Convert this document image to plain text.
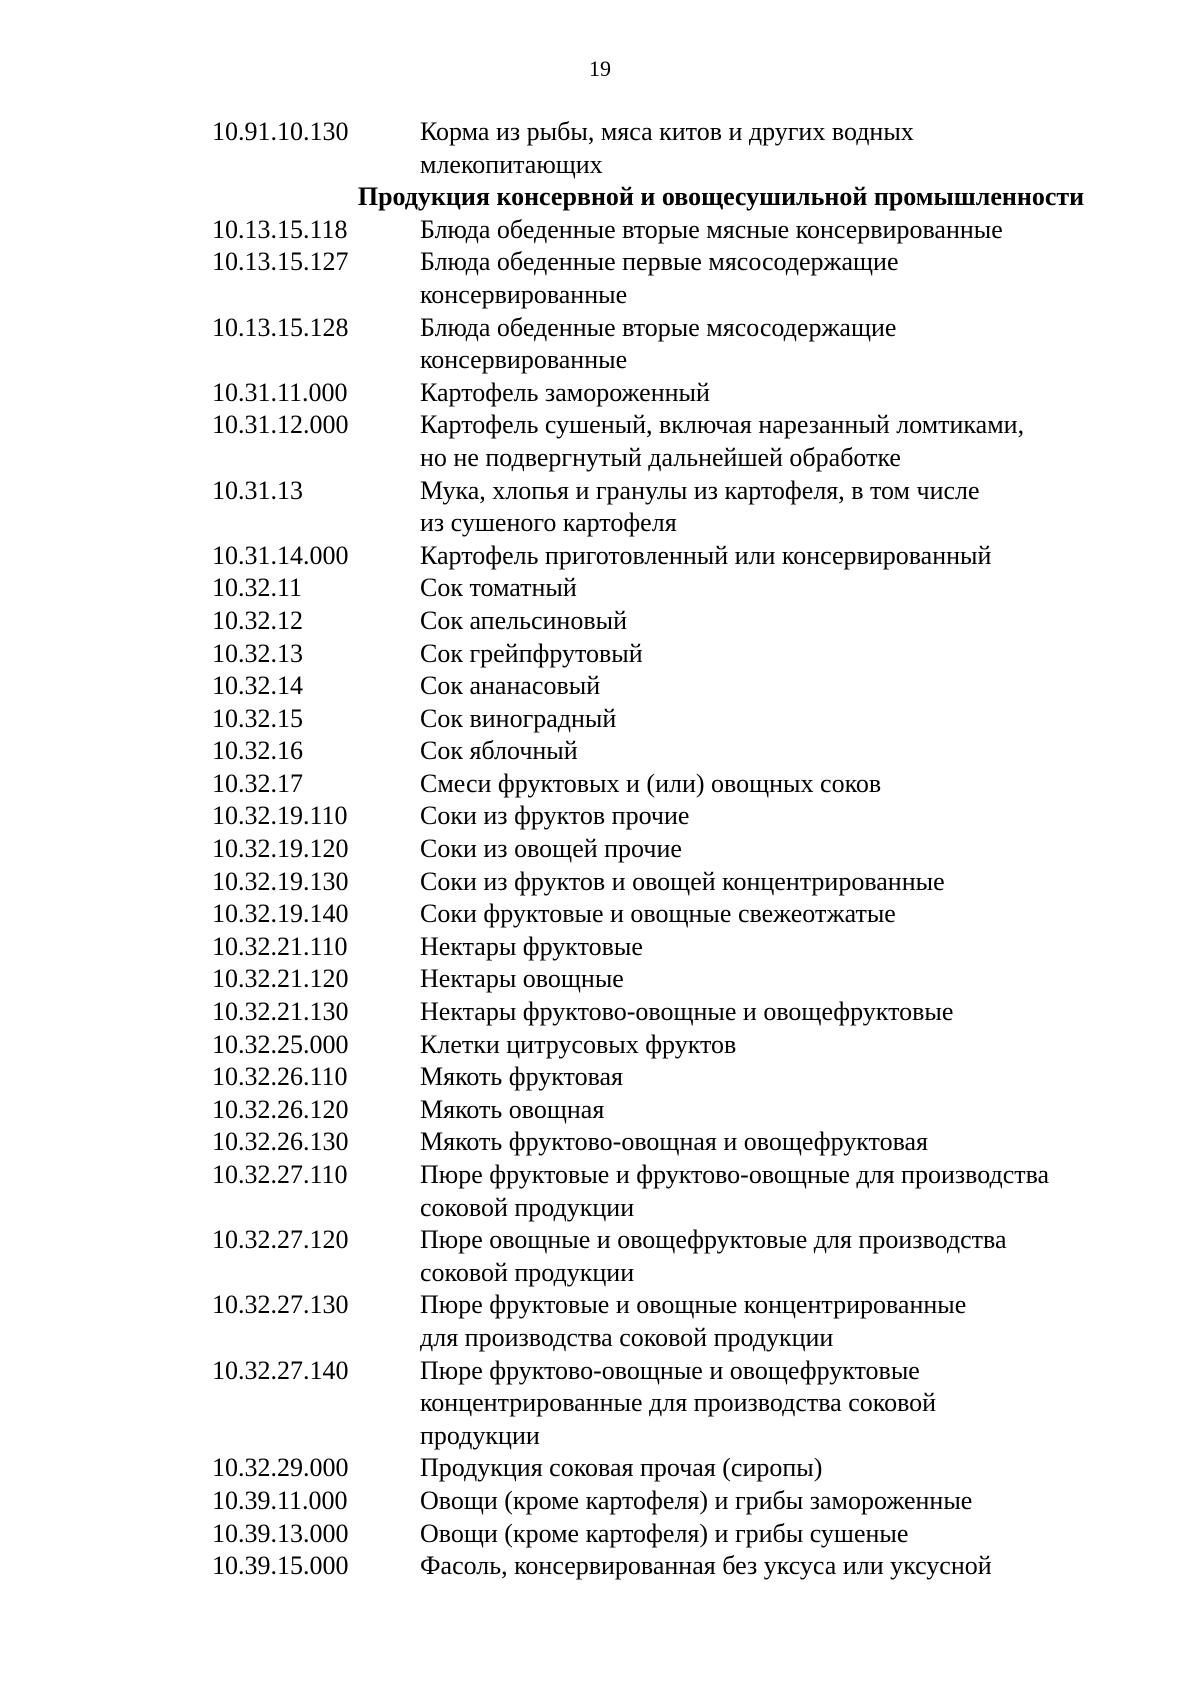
19
10.91.10.130	Корма из рыбы, мяса китов и других водных
млекопитающих
Продукция консервной и овощесушильной промышленности
10.13.15.118	Блюда обеденные вторые мясные консервированные
10.13.15.127	Блюда обеденные первые мясосодержащие
консервированные
10.13.15.128	Блюда обеденные вторые мясосодержащие
консервированные
10.31.11.000	Картофель замороженный
10.31.12.000	Картофель сушеный, включая нарезанный ломтиками,
но не подвергнутый дальнейшей обработке
10.31.13	Мука, хлопья и гранулы из картофеля, в том числе
из сушеного картофеля
10.31.14.000	Картофель приготовленный или консервированный
10.32.11	Сок томатный
10.32.12	Сок апельсиновый
10.32.13	Сок грейпфрутовый
10.32.14	Сок ананасовый
10.32.15	Сок виноградный
10.32.16	Сок яблочный
10.32.17	Смеси фруктовых и (или) овощных соков
10.32.19.110	Соки из фруктов прочие
10.32.19.120	Соки из овощей прочие
10.32.19.130	Соки из фруктов и овощей концентрированные
10.32.19.140	Соки фруктовые и овощные свежеотжатые
10.32.21.110	Нектары фруктовые
10.32.21.120	Нектары овощные
10.32.21.130	Нектары фруктово-овощные и овощефруктовые
10.32.25.000	Клетки цитрусовых фруктов
10.32.26.110	Мякоть фруктовая
10.32.26.120	Мякоть овощная
10.32.26.130	Мякоть фруктово-овощная и овощефруктовая
10.32.27.110	Пюре фруктовые и фруктово-овощные для производства
соковой продукции
10.32.27.120	Пюре овощные и овощефруктовые для производства
соковой продукции
10.32.27.130	Пюре фруктовые и овощные концентрированные
для производства соковой продукции
10.32.27.140	Пюре фруктово-овощные и овощефруктовые
концентрированные для производства соковой
продукции
10.32.29.000	Продукция соковая прочая (сиропы)
10.39.11.000	Овощи (кроме картофеля) и грибы замороженные
10.39.13.000	Овощи (кроме картофеля) и грибы сушеные
10.39.15.000	Фасоль, консервированная без уксуса или уксусной
